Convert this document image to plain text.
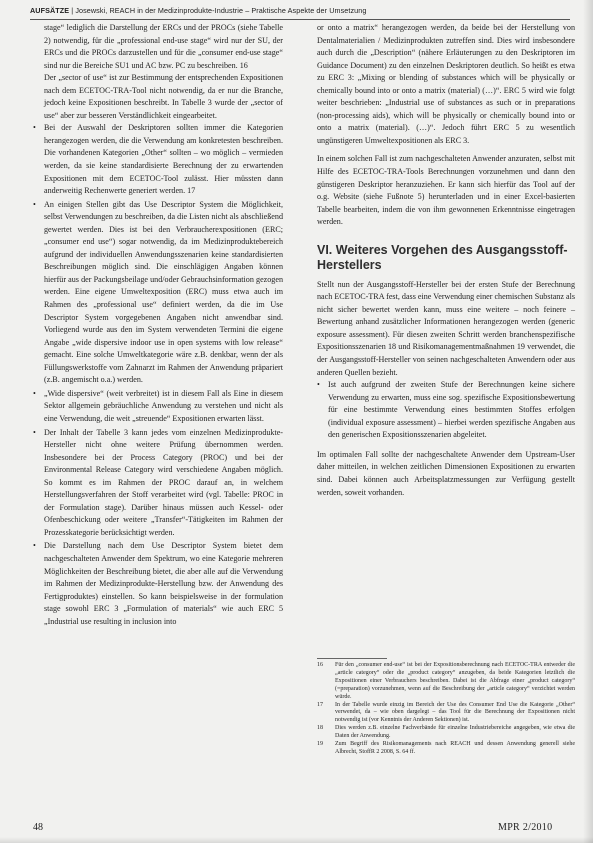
AUFSÄTZE | Josewski, REACH in der Medizinprodukte-Industrie – Praktische Aspekte der Umsetzung

stage“ lediglich die Darstellung der ERCs und der PROCs (siehe Tabelle 2) notwendig, für die „professional end-use stage“ wird nur der SU, der ERCs und die PROCs darzustellen und für die „consumer end-use stage“ sind nur die Bereiche SU1 und AC bzw. PC zu beschreiben. 16

Der „sector of use“ ist zur Bestimmung der entsprechenden Expositionen nach dem ECETOC-TRA-Tool nicht notwendig, da er nur die Branche, jedoch keine Expositionen beschreibt. In Tabelle 3 wurde der „sector of use“ aber zur besseren Verständlichkeit eingearbeitet.

• Bei der Auswahl der Deskriptoren sollten immer die Kategorien herangezogen werden, die die Verwendung am konkretesten beschreiben. Die vorhandenen Kategorien „Other“ sollten – wo möglich – vermieden werden, da sie keine standardisierte Berechnung der zu erwartenden Expositionen mit dem ECETOC-Tool zulässt. Hier müssten dann anderweitig Rechenwerte generiert werden. 17
• An einigen Stellen gibt das Use Descriptor System die Möglichkeit, selbst Verwendungen zu beschreiben, da die Listen nicht als abschließend gewertet werden. Dies ist bei den Verbraucherexpositionen (ERC; „consumer end use“) sogar notwendig, da im Medizinproduktebereich aufgrund der individuellen Anwendungsszenarien keine standardisierten Beschreibungen möglich sind. Die einschlägigen Angaben können hierfür aus der Packungsbeilage und/oder Gebrauchsinformation gezogen werden. Eine eigene Umweltexposition (ERC) muss etwa auch im Rahmen des „professional use“ definiert werden, da die im Use Descriptor System vorgegebenen Angaben nicht anwendbar sind. Vorliegend wurde aus den im System verwendeten Termini die eigene Angabe „wide dispersive indoor use in open systems with low release“ gemacht. Eine solche Umweltkategorie wäre z.B. denkbar, wenn der als Füllungswerkstoffe vom Zahnarzt im Rahmen der Anwendung präpariert (z.B. angemischt o.a.) werden.
• „Wide dispersive“ (weit verbreitet) ist in diesem Fall als Eine in diesem Sektor allgemein gebräuchliche Anwendung zu verstehen und nicht als eine Verwendung, die weit „streuende“ Expositionen erwarten lässt.
• Der Inhalt der Tabelle 3 kann jedes vom einzelnen Medizinprodukte-Hersteller nicht ohne weitere Prüfung übernommen werden. Insbesondere bei der Process Category (PROC) und bei der Environmental Release Category wird verschiedene Angaben möglich. So kommt es im Rahmen der PROC darauf an, in welchem Herstellungsverfahren der Stoff verarbeitet wird (vgl. Tabelle: PROC in der Formulation stage). Darüber hinaus müssen auch Kessel- oder Ofenbeschickung oder weitere „Transfer“-Tätigkeiten im Rahmen der Prozesskategorie berücksichtigt werden.
• Die Darstellung nach dem Use Descriptor System bietet dem nachgeschalteten Anwender dem Spektrum, wo eine Kategorie mehreren Möglichkeiten der Beschreibung bietet, die aber alle auf die Verwendung im Rahmen der Medizinprodukte-Herstellung bzw. der Anwendung des Fertigproduktes) einstellen. So kann beispielsweise in der formulation stage sowohl ERC 3 „Formulation of materials“ wie auch ERC 5 „Industrial use resulting in inclusion into

or onto a matrix“ herangezogen werden, da beide bei der Herstellung von Dentalmaterialien / Medizinprodukten zutreffen sind. Dies wird insbesondere auch durch die „Description“ (nähere Erläuterungen zu den Deskriptoren im Guidance Document) zu den einzelnen Deskriptoren deutlich. So heißt es etwa zu ERC 3: „Mixing or blending of substances which will be physically or chemically bound into or onto a matrix (material) (…)“. ERC 5 wird wie folgt weiter beschrieben: „Industrial use of substances as such or in preparations (non-processing aids), which will be physically or chemically bound into or onto a matrix (material). (…)“. Jedoch führt ERC 5 zu wesentlich ungünstigeren Umweltexpositionen als ERC 3.

In einem solchen Fall ist zum nachgeschalteten Anwender anzuraten, selbst mit Hilfe des ECETOC-TRA-Tools Berechnungen vorzunehmen und dann den günstigeren Deskriptor heranzuziehen. Er kann sich hierfür das Tool auf der o.g. Website (siehe Fußnote 5) herunterladen und in einer Excel-basierten Tabelle bearbeiten, indem die von ihm gewonnenen Erkenntnisse eingetragen werden.

VI. Weiteres Vorgehen des Ausgangsstoff-Herstellers

Stellt nun der Ausgangsstoff-Hersteller bei der ersten Stufe der Berechnung nach ECETOC-TRA fest, dass eine Verwendung einer chemischen Substanz als nicht sicher bewertet werden kann, muss eine weitere – noch feinere – Bewertung anhand zusätzlicher Informationen herangezogen werden (generic exposure assessment). Für diesen zweiten Schritt werden branchenspezifische Expositionsszenarien 18 und Risikomanagementmaßnahmen 19 verwendet, die der Ausgangsstoff-Hersteller von seinen nachgeschalteten Anwendern oder aus anderen Quellen bezieht.

• Ist auch aufgrund der zweiten Stufe der Berechnungen keine sichere Verwendung zu erwarten, muss eine sog. spezifische Expositionsbewertung für eine bestimmte Verwendung eines bestimmten Stoffes erfolgen (individual exposure assessment) – hierbei werden spezifische Angaben aus den generischen Expositionsszenarien abgeleitet.

Im optimalen Fall sollte der nachgeschaltete Anwender dem Upstream-User daher mitteilen, in welchen zeitlichen Dimensionen Expositionen zu erwarten sind. Dabei können auch Arbeitsplatzmessungen zur Verfügung gestellt werden, soweit vorhanden.

16 Für den „consumer end-use“ ist bei der Expositionsberechnung nach ECETOC-TRA entweder die „article category“ oder die „product category“ anzugeben, da beide Kategorien letztlich die Expositionen einer Verbrauchers beschreiben. Dabei ist die Abfrage einer „product category“ (=preparation) vorzunehmen, wenn auf die Beschreibung der „article category“ verzichtet werden würde.
17 In der Tabelle wurde einzig im Bereich der Use des Consumer End Use die Kategorie „Other“ verwendet, da – wie oben dargelegt – das Tool für die Berechnung der Expositionen nicht notwendig ist (vor Kenntnis der Anderen Sektionen) ist.
18 Dies werden z.B. einzelne Fachverbände für einzelne Industriebereiche angegeben, wie etwa die Daten der Anwendung.
19 Zum Begriff des Risikomanagements nach REACH und dessen Anwendung generell siehe Albrecht, StoffR 2 2008, S. 64 ff.
48	MPR 2/2010
